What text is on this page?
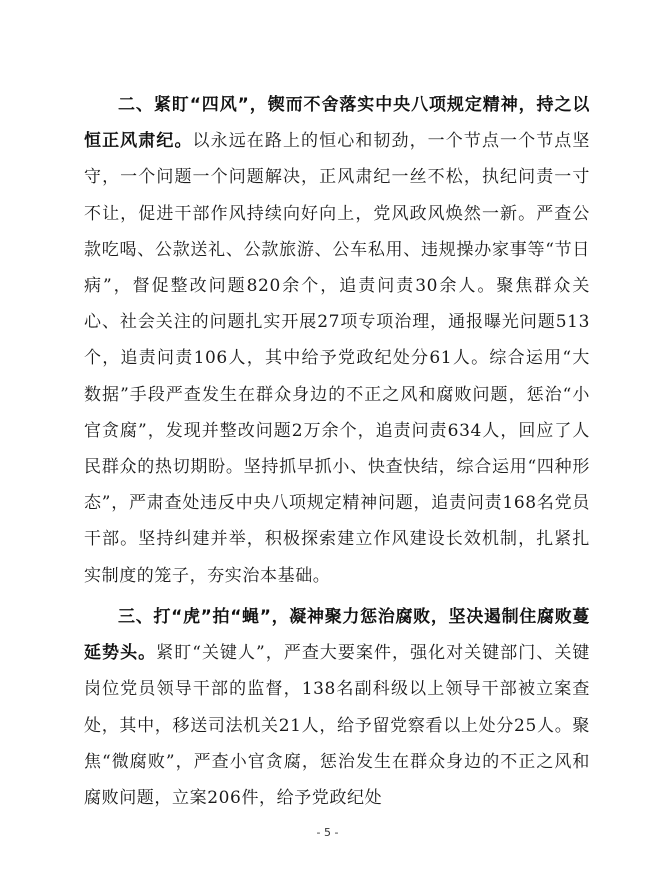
二、紧盯“四风”，锲而不舍落实中央八项规定精神，持之以恒正风肃纪。以永远在路上的恒心和韧劲，一个节点一个节点坚守，一个问题一个问题解决，正风肃纪一丝不松，执纪问责一寸不让，促进干部作风持续向好向上，党风政风焕然一新。严查公款吃喝、公款送礼、公款旅游、公车私用、违规操办家事等“节日病”，督促整改问题820余个，追责问责30余人。聚焦群众关心、社会关注的问题扎实开展27项专项治理，通报曝光问题513个，追责问责106人，其中给予党政纪处分61人。综合运用“大数据”手段严查发生在群众身边的不正之风和腐败问题，惩治“小官贪腐”，发现并整改问题2万余个，追责问责634人，回应了人民群众的热切期盼。坚持抓早抓小、快查快结，综合运用“四种形态”，严肃查处违反中央八项规定精神问题，追责问责168名党员干部。坚持纠建并举，积极探索建立作风建设长效机制，扎紧扎实制度的笼子，夯实治本基础。

三、打“虎”拍“蝇”，凝神聚力惩治腐败，坚决遏制住腐败蔓延势头。紧盯“关键人”，严查大要案件，强化对关键部门、关键岗位党员领导干部的监督，138名副科级以上领导干部被立案查处，其中，移送司法机关21人，给予留党察看以上处分25人。聚焦“微腐败”，严查小官贪腐，惩治发生在群众身边的不正之风和腐败问题，立案206件，给予党政纪处

- 5 -
